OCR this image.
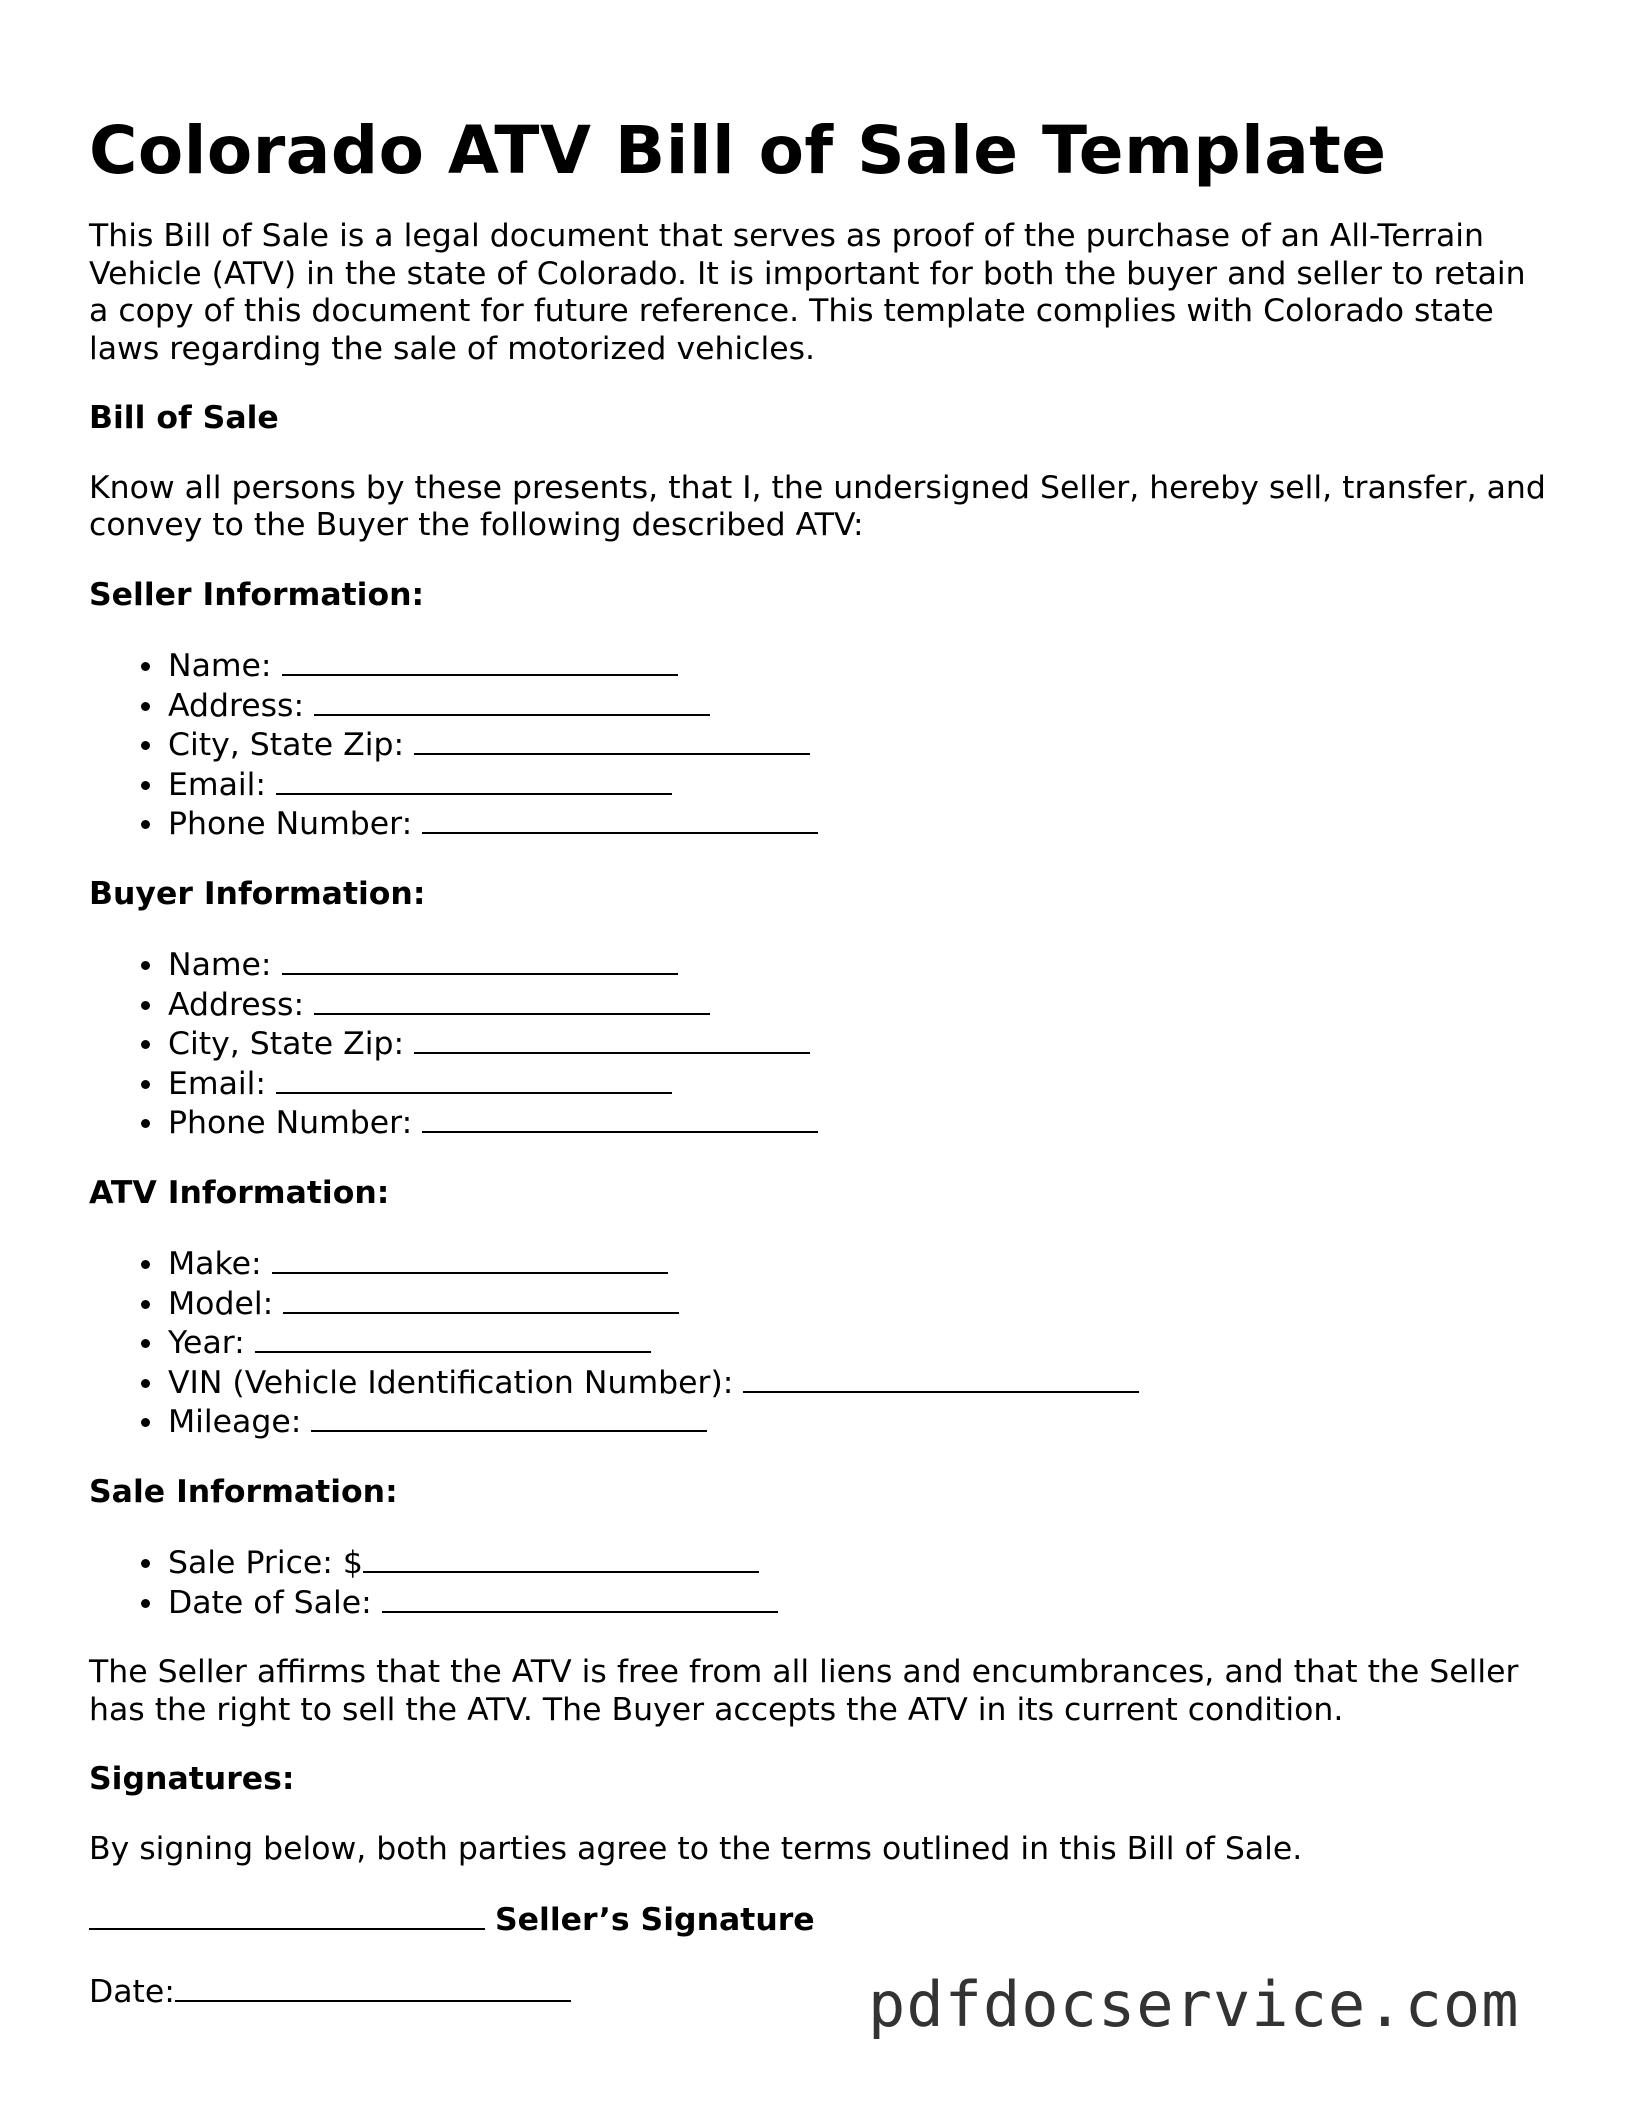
Colorado ATV Bill of Sale Template

This Bill of Sale is a legal document that serves as proof of the purchase of an All-Terrain Vehicle (ATV) in the state of Colorado. It is important for both the buyer and seller to retain a copy of this document for future reference. This template complies with Colorado state laws regarding the sale of motorized vehicles.

Bill of Sale

Know all persons by these presents, that I, the undersigned Seller, hereby sell, transfer, and convey to the Buyer the following described ATV:

Seller Information:
Name:
Address:
City, State Zip:
Email:
Phone Number:
Buyer Information:
Name:
Address:
City, State Zip:
Email:
Phone Number:
ATV Information:
Make:
Model:
Year:
VIN (Vehicle Identification Number):
Mileage:
Sale Information:
Sale Price: $
Date of Sale:

The Seller affirms that the ATV is free from all liens and encumbrances, and that the Seller has the right to sell the ATV. The Buyer accepts the ATV in its current condition.

Signatures:

By signing below, both parties agree to the terms outlined in this Bill of Sale.

Seller’s Signature
Date:	pdfdocservice.com
